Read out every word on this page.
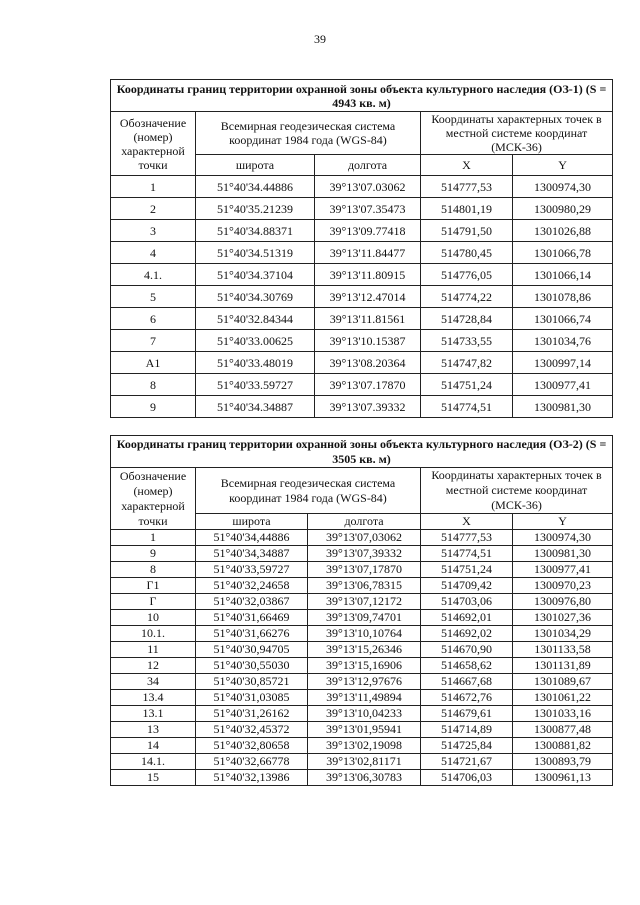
39
Координаты границ территории охранной зоны объекта культурного наследия (ОЗ-1) (S = 4943 кв. м)				
Обозначение (номер) характерной точки	Всемирная геодезическая система координат 1984 года (WGS-84)		Координаты характерных точек в местной системе координат (МСК-36)	
	широта	долгота	X	Y
1	51°40'34.44886	39°13'07.03062	514777,53	1300974,30
2	51°40'35.21239	39°13'07.35473	514801,19	1300980,29
3	51°40'34.88371	39°13'09.77418	514791,50	1301026,88
4	51°40'34.51319	39°13'11.84477	514780,45	1301066,78
4.1.	51°40'34.37104	39°13'11.80915	514776,05	1301066,14
5	51°40'34.30769	39°13'12.47014	514774,22	1301078,86
6	51°40'32.84344	39°13'11.81561	514728,84	1301066,74
7	51°40'33.00625	39°13'10.15387	514733,55	1301034,76
А1	51°40'33.48019	39°13'08.20364	514747,82	1300997,14
8	51°40'33.59727	39°13'07.17870	514751,24	1300977,41
9	51°40'34.34887	39°13'07.39332	514774,51	1300981,30
Координаты границ территории охранной зоны объекта культурного наследия (ОЗ-2) (S = 3505 кв. м)				
Обозначение (номер) характерной точки	Всемирная геодезическая система координат 1984 года (WGS-84)		Координаты характерных точек в местной системе координат (МСК-36)	
	широта	долгота	X	Y
1	51°40'34,44886	39°13'07,03062	514777,53	1300974,30
9	51°40'34,34887	39°13'07,39332	514774,51	1300981,30
8	51°40'33,59727	39°13'07,17870	514751,24	1300977,41
Г1	51°40'32,24658	39°13'06,78315	514709,42	1300970,23
Г	51°40'32,03867	39°13'07,12172	514703,06	1300976,80
10	51°40'31,66469	39°13'09,74701	514692,01	1301027,36
10.1.	51°40'31,66276	39°13'10,10764	514692,02	1301034,29
11	51°40'30,94705	39°13'15,26346	514670,90	1301133,58
12	51°40'30,55030	39°13'15,16906	514658,62	1301131,89
34	51°40'30,85721	39°13'12,97676	514667,68	1301089,67
13.4	51°40'31,03085	39°13'11,49894	514672,76	1301061,22
13.1	51°40'31,26162	39°13'10,04233	514679,61	1301033,16
13	51°40'32,45372	39°13'01,95941	514714,89	1300877,48
14	51°40'32,80658	39°13'02,19098	514725,84	1300881,82
14.1.	51°40'32,66778	39°13'02,81171	514721,67	1300893,79
15	51°40'32,13986	39°13'06,30783	514706,03	1300961,13
